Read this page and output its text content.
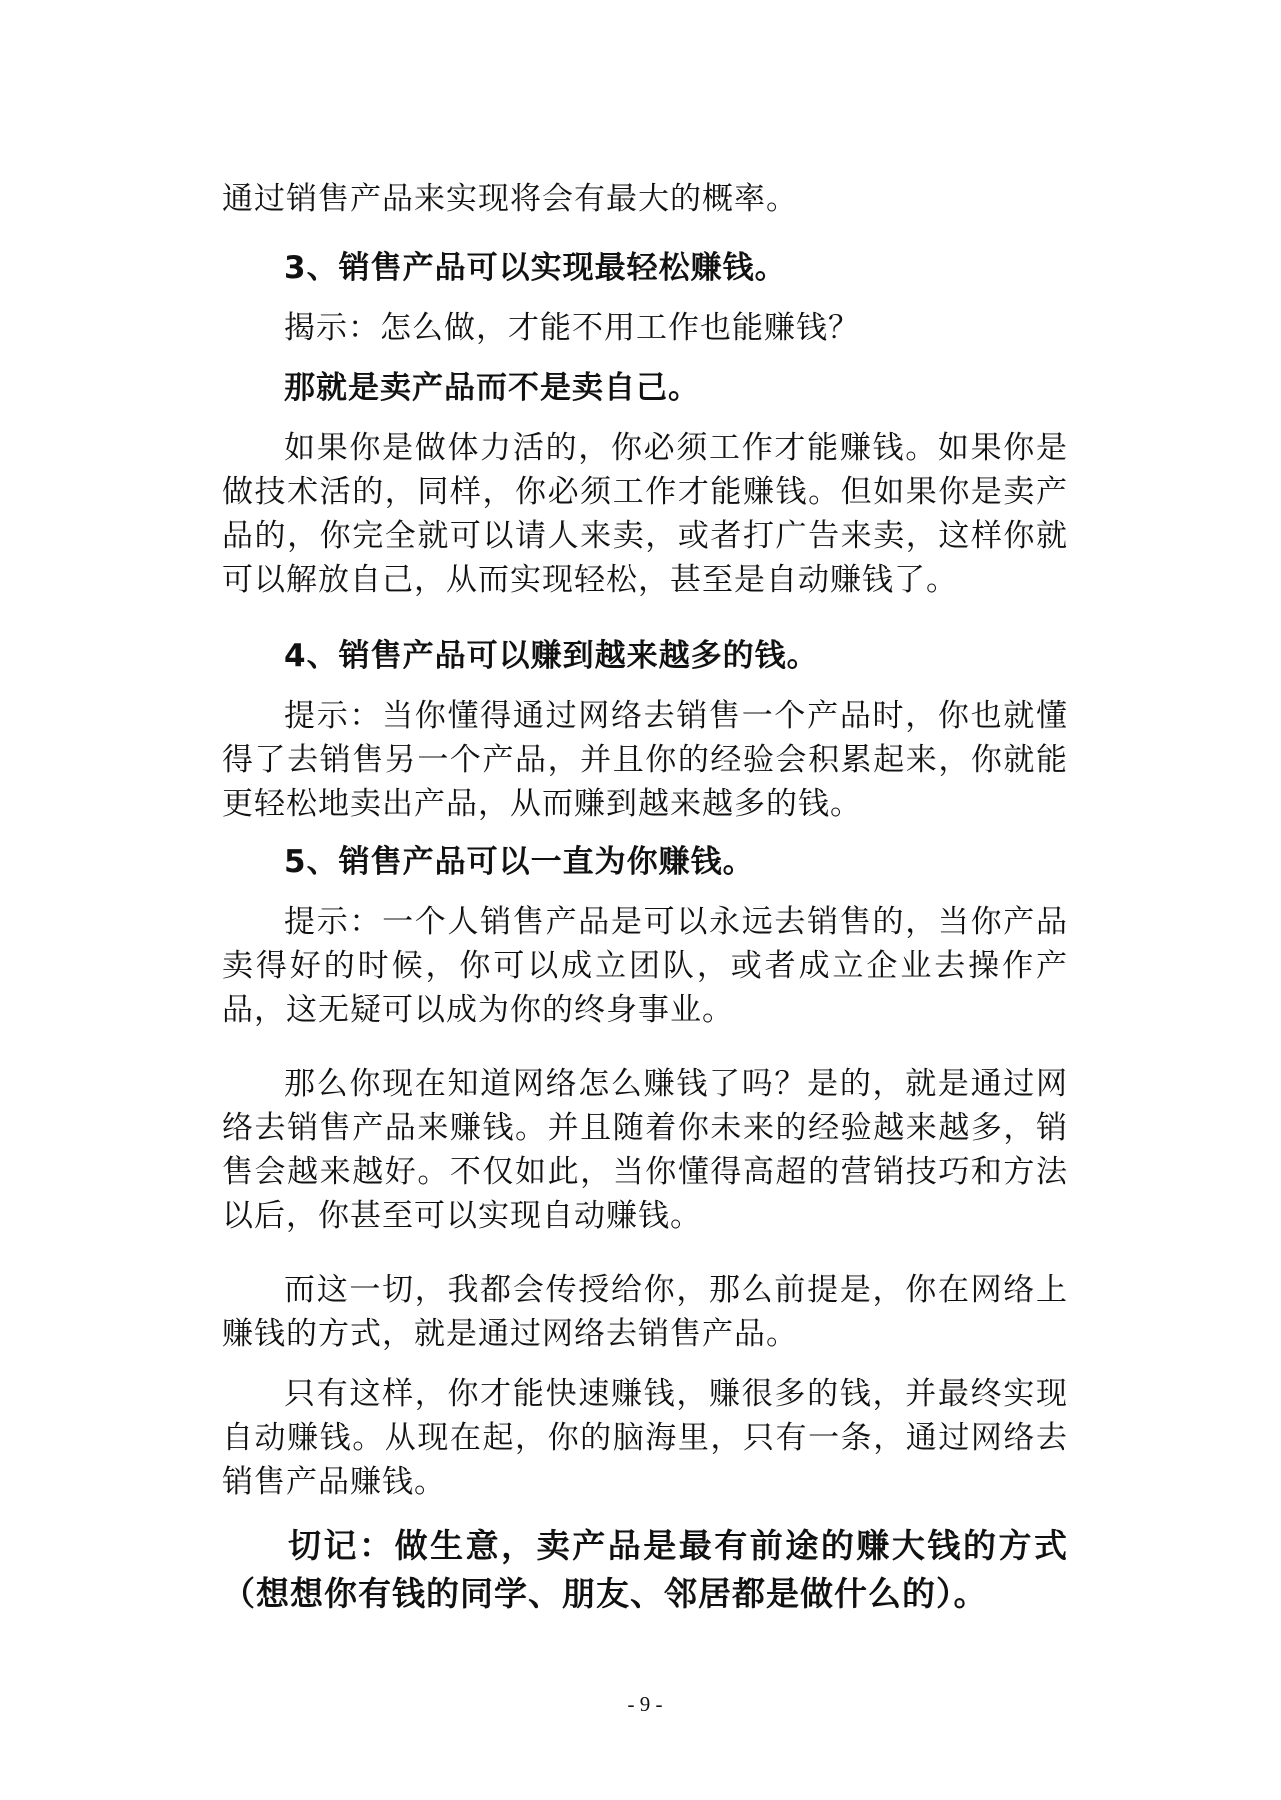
通过销售产品来实现将会有最大的概率。

3、销售产品可以实现最轻松赚钱。

揭示：怎么做，才能不用工作也能赚钱？

那就是卖产品而不是卖自己。

如果你是做体力活的，你必须工作才能赚钱。如果你是做技术活的，同样，你必须工作才能赚钱。但如果你是卖产品的，你完全就可以请人来卖，或者打广告来卖，这样你就可以解放自己，从而实现轻松，甚至是自动赚钱了。

4、销售产品可以赚到越来越多的钱。

提示：当你懂得通过网络去销售一个产品时，你也就懂得了去销售另一个产品，并且你的经验会积累起来，你就能更轻松地卖出产品，从而赚到越来越多的钱。

5、销售产品可以一直为你赚钱。

提示：一个人销售产品是可以永远去销售的，当你产品卖得好的时候，你可以成立团队，或者成立企业去操作产品，这无疑可以成为你的终身事业。

那么你现在知道网络怎么赚钱了吗？是的，就是通过网络去销售产品来赚钱。并且随着你未来的经验越来越多，销售会越来越好。不仅如此，当你懂得高超的营销技巧和方法以后，你甚至可以实现自动赚钱。

而这一切，我都会传授给你，那么前提是，你在网络上赚钱的方式，就是通过网络去销售产品。

只有这样，你才能快速赚钱，赚很多的钱，并最终实现自动赚钱。从现在起，你的脑海里，只有一条，通过网络去销售产品赚钱。

切记：做生意，卖产品是最有前途的赚大钱的方式（想想你有钱的同学、朋友、邻居都是做什么的）。

- 9 -
